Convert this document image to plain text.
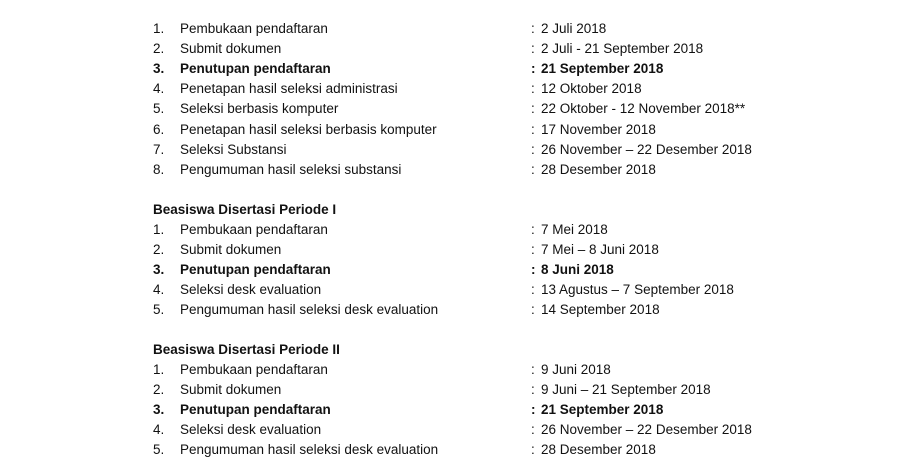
1. Pembukaan pendaftaran	: 2 Juli 2018
2. Submit dokumen	: 2 Juli - 21 September 2018
3. Penutupan pendaftaran	: 21 September 2018
4. Penetapan hasil seleksi administrasi	: 12 Oktober 2018
5. Seleksi berbasis komputer	: 22 Oktober - 12 November 2018**
6. Penetapan hasil seleksi berbasis komputer	: 17 November 2018
7. Seleksi Substansi	: 26 November – 22 Desember 2018
8. Pengumuman hasil seleksi substansi	: 28 Desember 2018
Beasiswa Disertasi Periode I
1. Pembukaan pendaftaran	: 7 Mei 2018
2. Submit dokumen	: 7 Mei – 8 Juni 2018
3. Penutupan pendaftaran	: 8 Juni 2018
4. Seleksi desk evaluation	: 13 Agustus – 7 September 2018
5. Pengumuman hasil seleksi desk evaluation	: 14 September 2018
Beasiswa Disertasi Periode II
1. Pembukaan pendaftaran	: 9 Juni 2018
2. Submit dokumen	: 9 Juni – 21 September 2018
3. Penutupan pendaftaran	: 21 September 2018
4. Seleksi desk evaluation	: 26 November – 22 Desember 2018
5. Pengumuman hasil seleksi desk evaluation	: 28 Desember 2018
